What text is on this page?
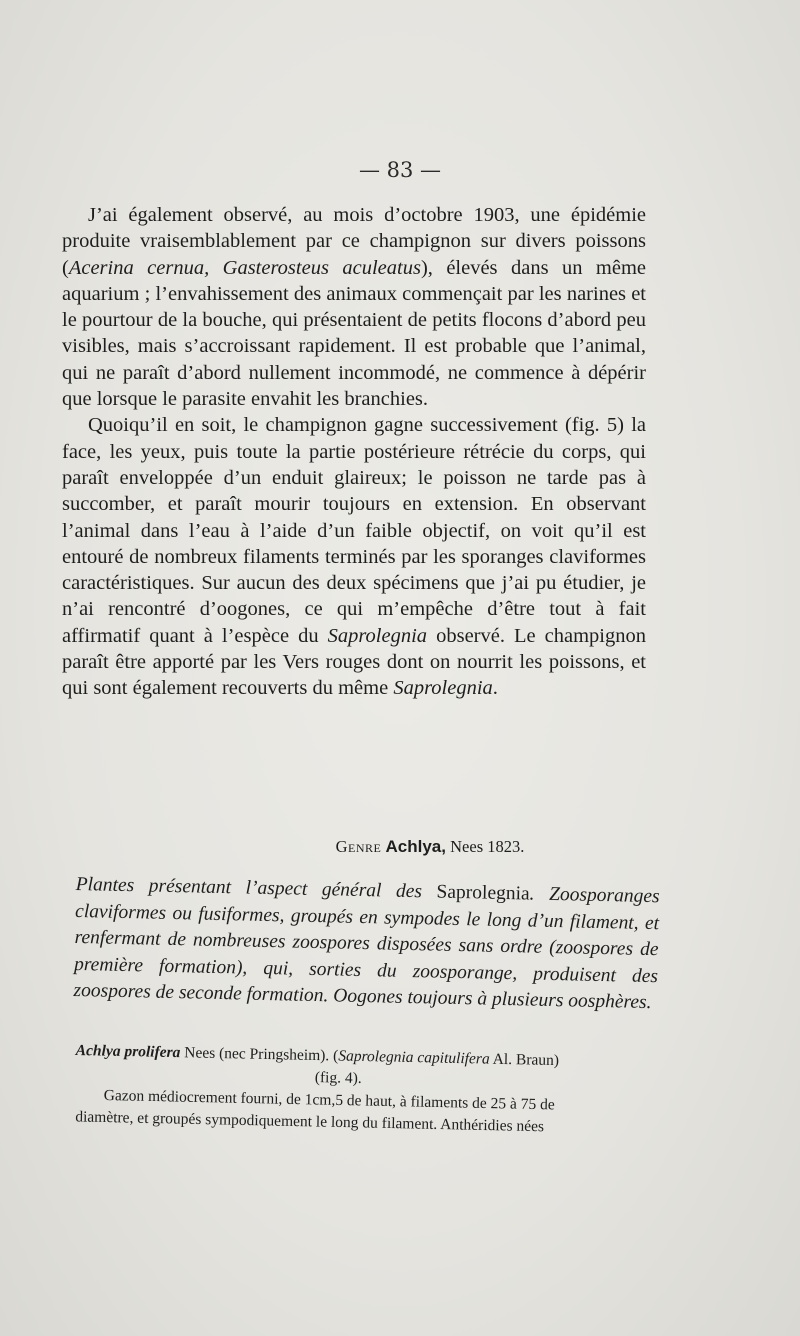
— 83 —

J’ai également observé, au mois d’octobre 1903, une épidémie produite vraisemblablement par ce champignon sur divers poissons (Acerina cernua, Gasterosteus aculeatus), élevés dans un même aquarium ; l’envahissement des animaux commençait par les narines et le pourtour de la bouche, qui présentaient de petits flocons d’abord peu visibles, mais s’accroissant rapidement. Il est probable que l’animal, qui ne paraît d’abord nullement incommodé, ne commence à dépérir que lorsque le parasite envahit les branchies.

Quoiqu’il en soit, le champignon gagne successivement (fig. 5) la face, les yeux, puis toute la partie postérieure rétrécie du corps, qui paraît enveloppée d’un enduit glaireux; le poisson ne tarde pas à succomber, et paraît mourir toujours en extension. En observant l’animal dans l’eau à l’aide d’un faible objectif, on voit qu’il est entouré de nombreux filaments terminés par les sporanges claviformes caractéristiques. Sur aucun des deux spécimens que j’ai pu étudier, je n’ai rencontré d’oogones, ce qui m’empêche d’être tout à fait affirmatif quant à l’espèce du Saprolegnia observé. Le champignon paraît être apporté par les Vers rouges dont on nourrit les poissons, et qui sont également recouverts du même Saprolegnia.

Genre Achlya, Nees 1823.

Plantes présentant l’aspect général des Saprolegnia. Zoosporanges claviformes ou fusiformes, groupés en sympodes le long d’un filament, et renfermant de nombreuses zoospores disposées sans ordre (zoospores de première formation), qui, sorties du zoosporange, produisent des zoospores de seconde formation. Oogones toujours à plusieurs oosphères.

Achlya prolifera Nees (nec Pringsheim). (Saprolegnia capitulifera Al. Braun)
(fig. 4).

Gazon médiocrement fourni, de 1cm,5 de haut, à filaments de 25 à 75 de
diamètre, et groupés sympodiquement le long du filament. Anthéridies nées
